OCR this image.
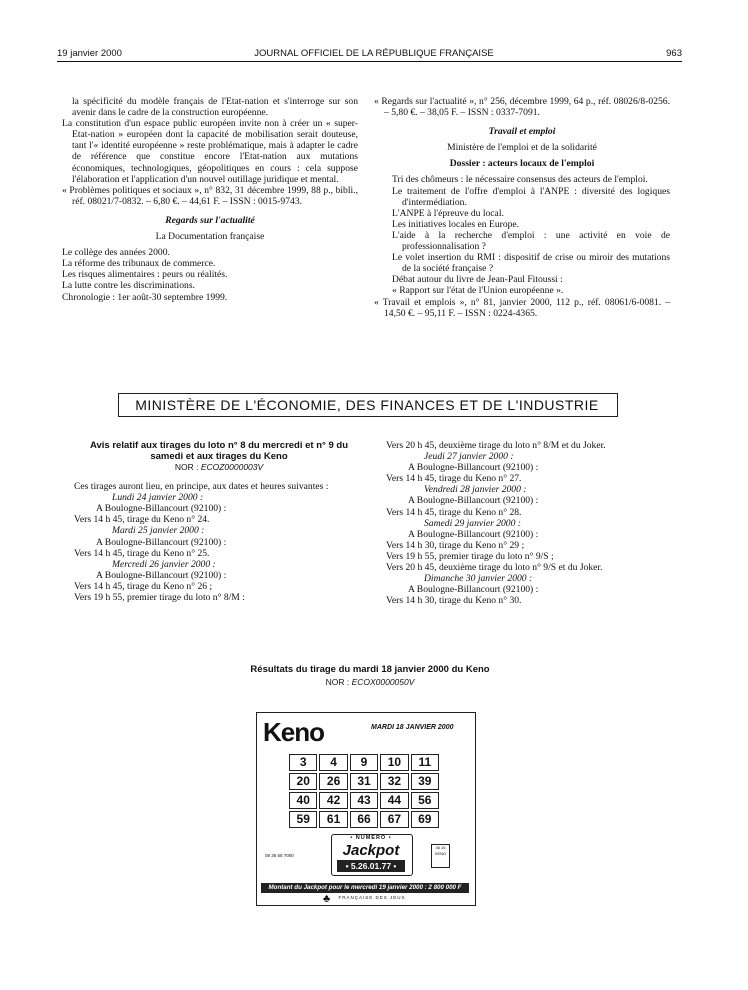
19 janvier 2000	JOURNAL OFFICIEL DE LA RÉPUBLIQUE FRANÇAISE	963

la spécificité du modèle français de l'Etat-nation et s'interroge sur son avenir dans le cadre de la construction européenne.

La constitution d'un espace public européen invite non à créer un « super-Etat-nation » européen dont la capacité de mobilisation serait douteuse, tant l'« identité européenne » reste problématique, mais à adapter le cadre de référence que constitue encore l'Etat-nation aux mutations économiques, technologiques, géopolitiques en cours : cela suppose l'élaboration et l'application d'un nouvel outillage juridique et mental.

« Problèmes politiques et sociaux », n° 832, 31 décembre 1999, 88 p., bibli., réf. 08021/7-0832. – 6,80 €. – 44,61 F. – ISSN : 0015-9743.

Regards sur l'actualité

La Documentation française

Le collège des années 2000.

La réforme des tribunaux de commerce.

Les risques alimentaires : peurs ou réalités.

La lutte contre les discriminations.

Chronologie : 1er août-30 septembre 1999.

« Regards sur l'actualité », n° 256, décembre 1999, 64 p., réf. 08026/8-0256. – 5,80 €. – 38,05 F. – ISSN : 0337-7091.

Travail et emploi

Ministère de l'emploi et de la solidarité

Dossier : acteurs locaux de l'emploi

Tri des chômeurs : le nécessaire consensus des acteurs de l'emploi.

Le traitement de l'offre d'emploi à l'ANPE : diversité des logiques d'intermédiation.

L'ANPE à l'épreuve du local.

Les initiatives locales en Europe.

L'aide à la recherche d'emploi : une activité en voie de professionnalisation ?

Le volet insertion du RMI : dispositif de crise ou miroir des mutations de la société française ?

Débat autour du livre de Jean-Paul Fitoussi :

« Rapport sur l'état de l'Union européenne ».

« Travail et emplois », n° 81, janvier 2000, 112 p., réf. 08061/6-0081. – 14,50 €. – 95,11 F. – ISSN : 0224-4365.

MINISTÈRE DE L'ÉCONOMIE, DES FINANCES ET DE L'INDUSTRIE

Avis relatif aux tirages du loto n° 8 du mercredi et n° 9 du samedi et aux tirages du Keno

NOR : ECOZ0000003V

Ces tirages auront lieu, en principe, aux dates et heures suivantes :

Lundi 24 janvier 2000 :

A Boulogne-Billancourt (92100) :

Vers 14 h 45, tirage du Keno n° 24.

Mardi 25 janvier 2000 :

A Boulogne-Billancourt (92100) :

Vers 14 h 45, tirage du Keno n° 25.

Mercredi 26 janvier 2000 :

A Boulogne-Billancourt (92100) :

Vers 14 h 45, tirage du Keno n° 26 ;

Vers 19 h 55, premier tirage du loto n° 8/M :

Vers 20 h 45, deuxième tirage du loto n° 8/M et du Joker.

Jeudi 27 janvier 2000 :

A Boulogne-Billancourt (92100) :

Vers 14 h 45, tirage du Keno n° 27.

Vendredi 28 janvier 2000 :

A Boulogne-Billancourt (92100) :

Vers 14 h 45, tirage du Keno n° 28.

Samedi 29 janvier 2000 :

A Boulogne-Billancourt (92100) :

Vers 14 h 30, tirage du Keno n° 29 ;

Vers 19 h 55, premier tirage du loto n° 9/S ;

Vers 20 h 45, deuxième tirage du loto n° 9/S et du Joker.

Dimanche 30 janvier 2000 :

A Boulogne-Billancourt (92100) :

Vers 14 h 30, tirage du Keno n° 30.

Résultats du tirage du mardi 18 janvier 2000 du Keno

NOR : ECOX0000050V

Keno	MARDI 18 JANVIER 2000
3	4	9	10	11
20	26	31	32	39
40	42	43	44	56
59	61	66	67	69
08 36 65 7000
• NUMÉRO •
Jackpot
• 5.26.01.77 •
36 15 KENO
Montant du Jackpot pour le mercredi 19 janvier 2000 : 2 800 000 F
♣	FRANÇAISE DES JEUX
